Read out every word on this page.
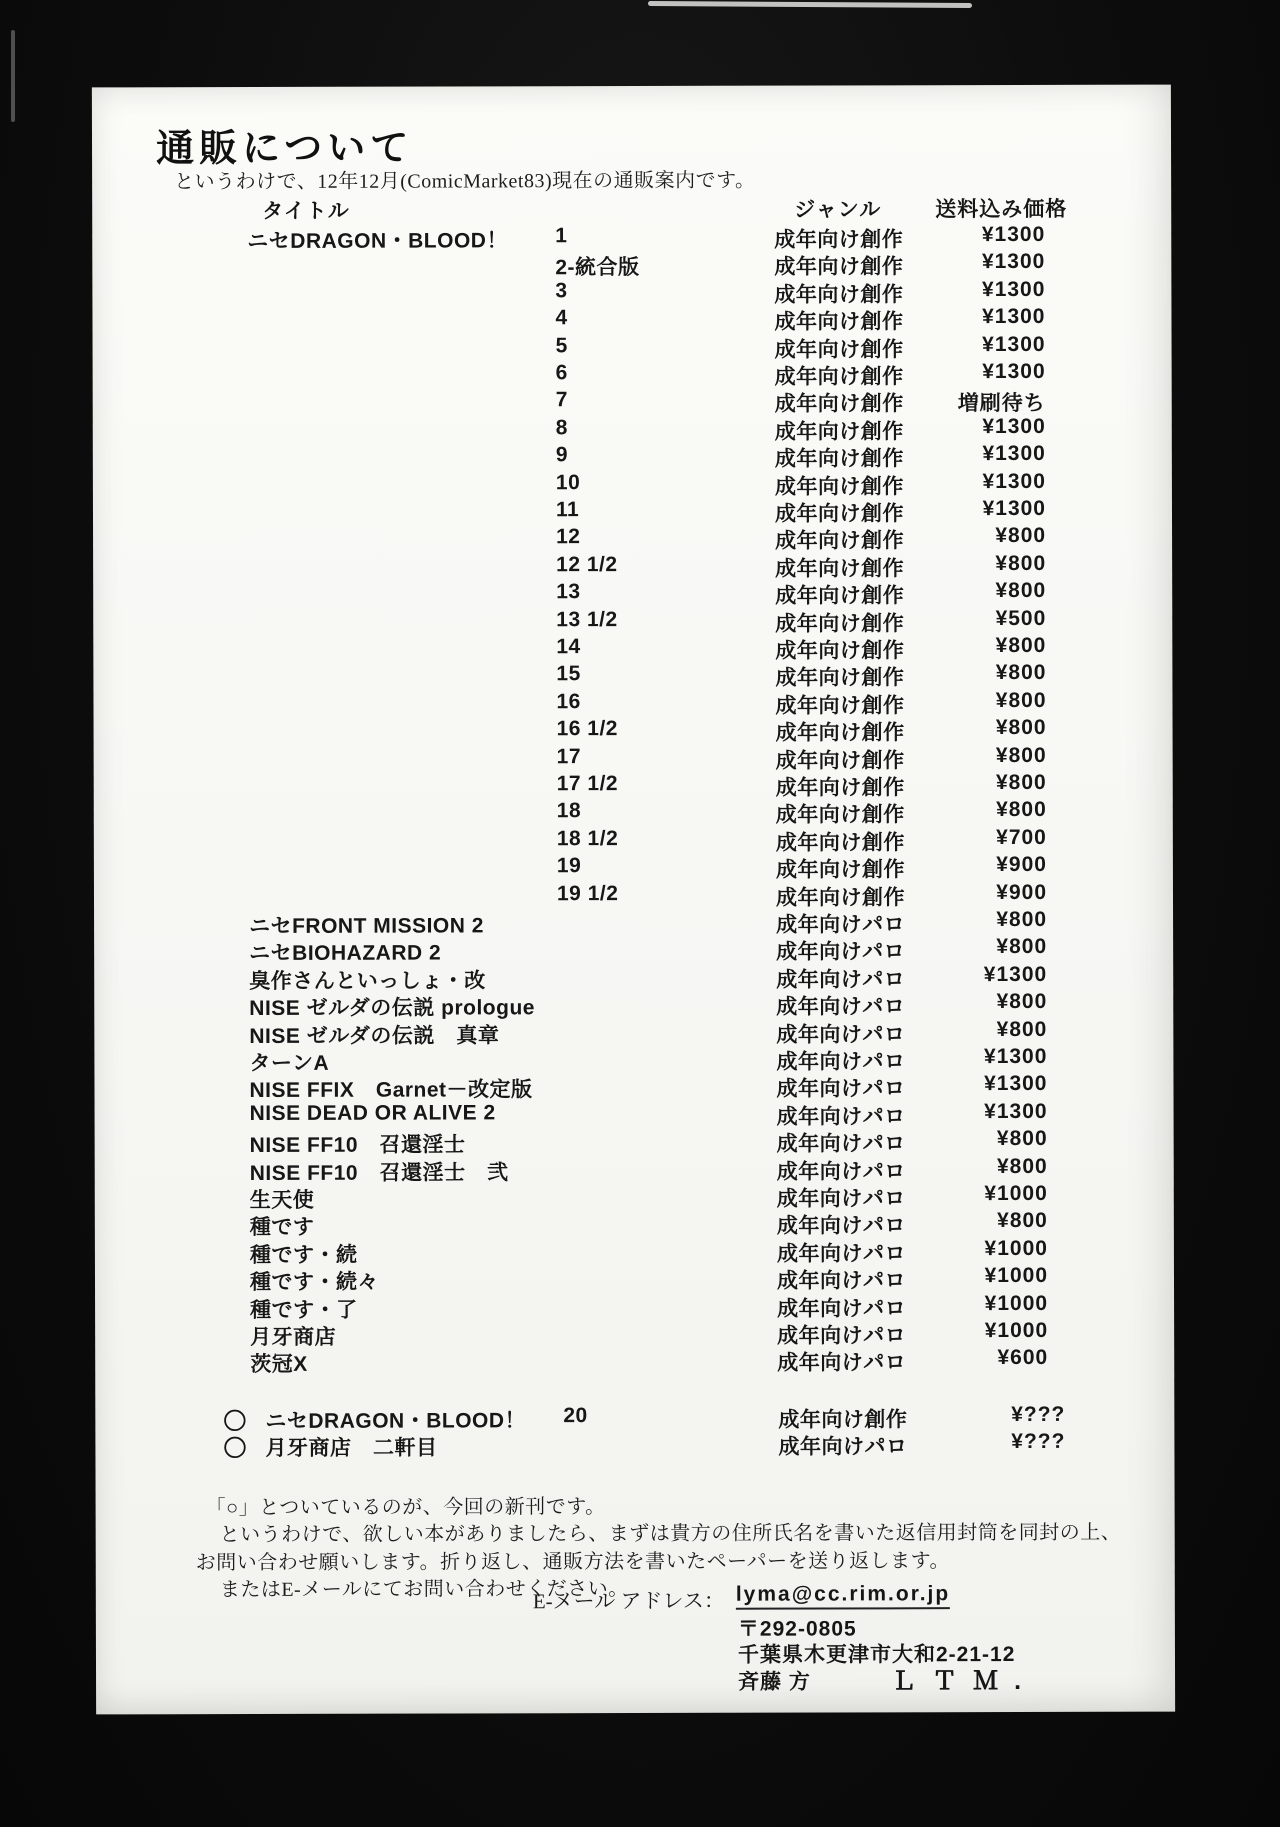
通販について
というわけで、12年12月(ComicMarket83)現在の通販案内です。
タイトル	ジャンル	送料込み価格
ニセDRAGON・BLOOD！ 1	成年向け創作	¥1300
2-統合版	成年向け創作	¥1300
3	成年向け創作	¥1300
4	成年向け創作	¥1300
5	成年向け創作	¥1300
6	成年向け創作	¥1300
7	成年向け創作	増刷待ち
8	成年向け創作	¥1300
9	成年向け創作	¥1300
10	成年向け創作	¥1300
11	成年向け創作	¥1300
12	成年向け創作	¥800
12 1/2	成年向け創作	¥800
13	成年向け創作	¥800
13 1/2	成年向け創作	¥500
14	成年向け創作	¥800
15	成年向け創作	¥800
16	成年向け創作	¥800
16 1/2	成年向け創作	¥800
17	成年向け創作	¥800
17 1/2	成年向け創作	¥800
18	成年向け創作	¥800
18 1/2	成年向け創作	¥700
19	成年向け創作	¥900
19 1/2	成年向け創作	¥900
ニセFRONT MISSION 2	成年向けパロ	¥800
ニセBIOHAZARD 2	成年向けパロ	¥800
臭作さんといっしょ・改	成年向けパロ	¥1300
NISE ゼルダの伝説 prologue	成年向けパロ	¥800
NISE ゼルダの伝説　真章	成年向けパロ	¥800
ターンA	成年向けパロ	¥1300
NISE FFIX　Garnet－改定版	成年向けパロ	¥1300
NISE DEAD OR ALIVE 2	成年向けパロ	¥1300
NISE FF10　召還淫士	成年向けパロ	¥800
NISE FF10　召還淫士　弐	成年向けパロ	¥800
生天使	成年向けパロ	¥1000
種です	成年向けパロ	¥800
種です・続	成年向けパロ	¥1000
種です・続々	成年向けパロ	¥1000
種です・了	成年向けパロ	¥1000
月牙商店	成年向けパロ	¥1000
茨冠X	成年向けパロ	¥600
〇 ニセDRAGON・BLOOD！ 20	成年向け創作	¥???
〇 月牙商店　二軒目	成年向けパロ	¥???
「○」とついているのが、今回の新刊です。
というわけで、欲しい本がありましたら、まずは貴方の住所氏名を書いた返信用封筒を同封の上、
お問い合わせ願いします。折り返し、通販方法を書いたペーパーを送り返します。
またはE-メールにてお問い合わせください。
E-メール アドレス： lyma@cc.rim.or.jp
〒292-0805
千葉県木更津市大和2-21-12
斉藤 方	ＬＴＭ.
